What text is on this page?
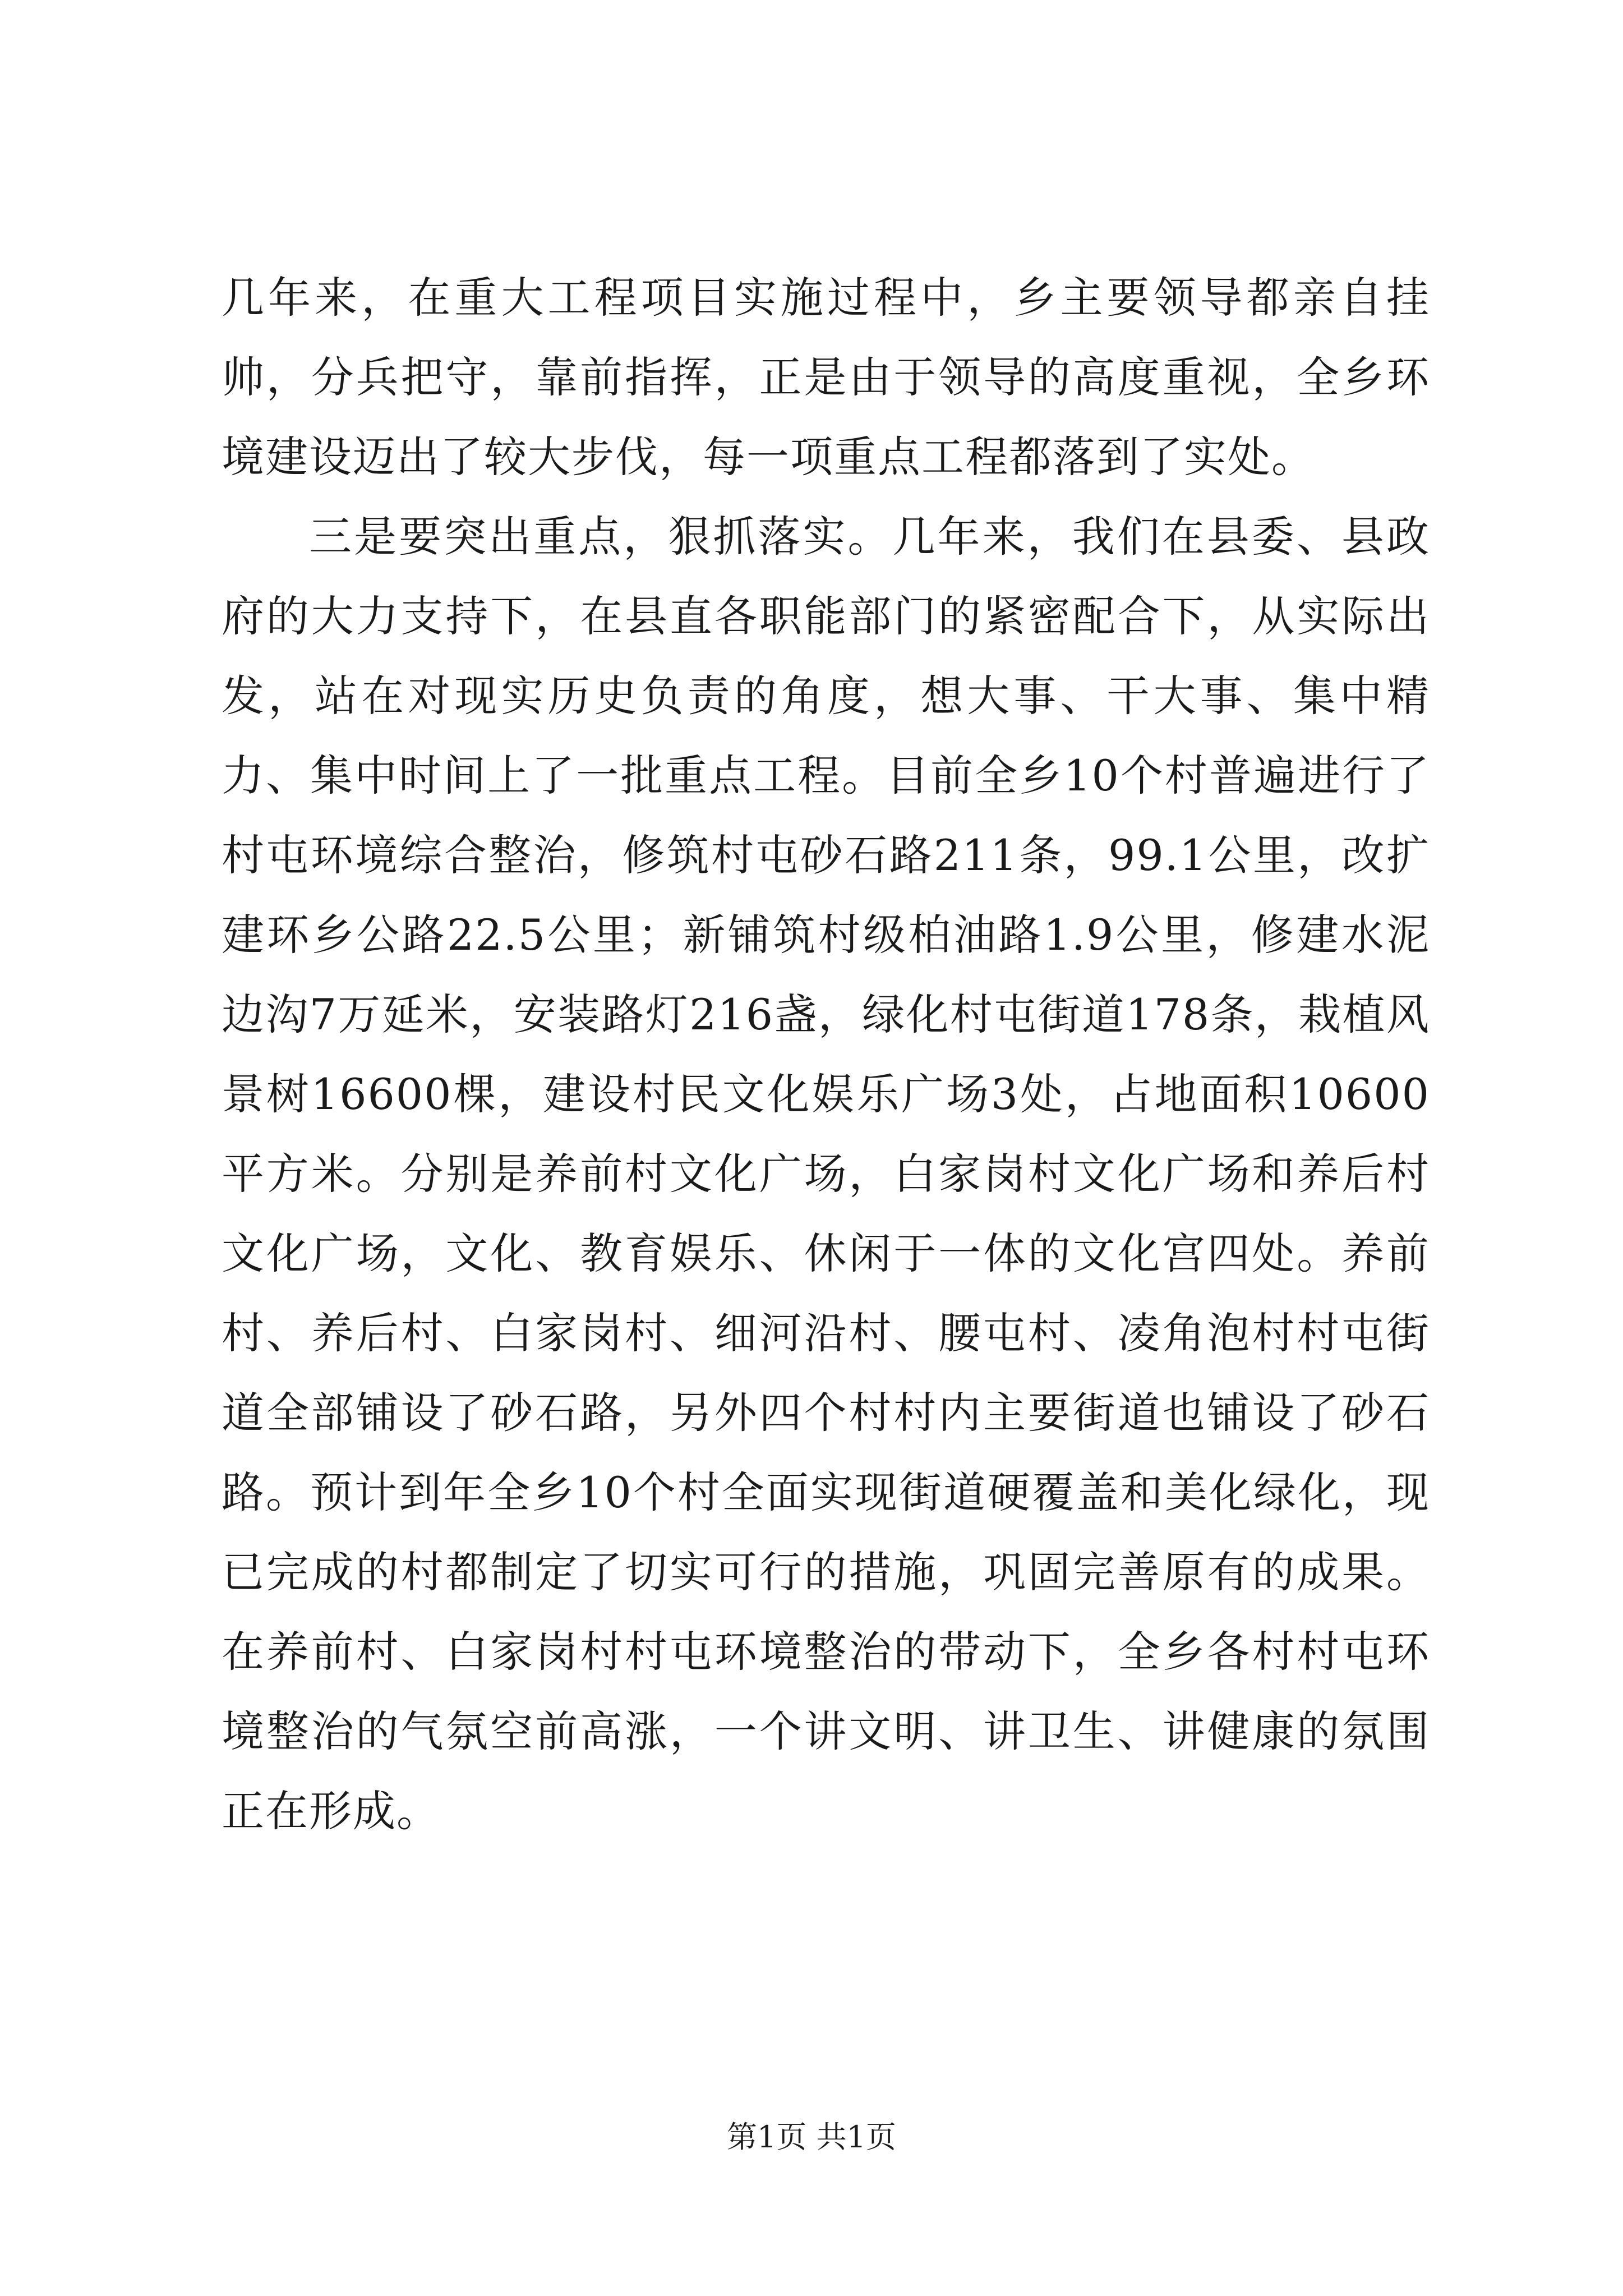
几年来，在重大工程项目实施过程中，乡主要领导都亲自挂帅，分兵把守，靠前指挥，正是由于领导的高度重视，全乡环境建设迈出了较大步伐，每一项重点工程都落到了实处。

三是要突出重点，狠抓落实。几年来，我们在县委、县政府的大力支持下，在县直各职能部门的紧密配合下，从实际出发，站在对现实历史负责的角度，想大事、干大事、集中精力、集中时间上了一批重点工程。目前全乡10个村普遍进行了村屯环境综合整治，修筑村屯砂石路211条，99.1公里，改扩建环乡公路22.5公里；新铺筑村级柏油路1.9公里，修建水泥边沟7万延米，安装路灯216盏，绿化村屯街道178条，栽植风景树16600棵，建设村民文化娱乐广场3处，占地面积10600平方米。分别是养前村文化广场，白家岗村文化广场和养后村文化广场，文化、教育娱乐、休闲于一体的文化宫四处。养前村、养后村、白家岗村、细河沿村、腰屯村、凌角泡村村屯街道全部铺设了砂石路，另外四个村村内主要街道也铺设了砂石路。预计到年全乡10个村全面实现街道硬覆盖和美化绿化，现已完成的村都制定了切实可行的措施，巩固完善原有的成果。在养前村、白家岗村村屯环境整治的带动下，全乡各村村屯环境整治的气氛空前高涨，一个讲文明、讲卫生、讲健康的氛围正在形成。

第1页 共1页
